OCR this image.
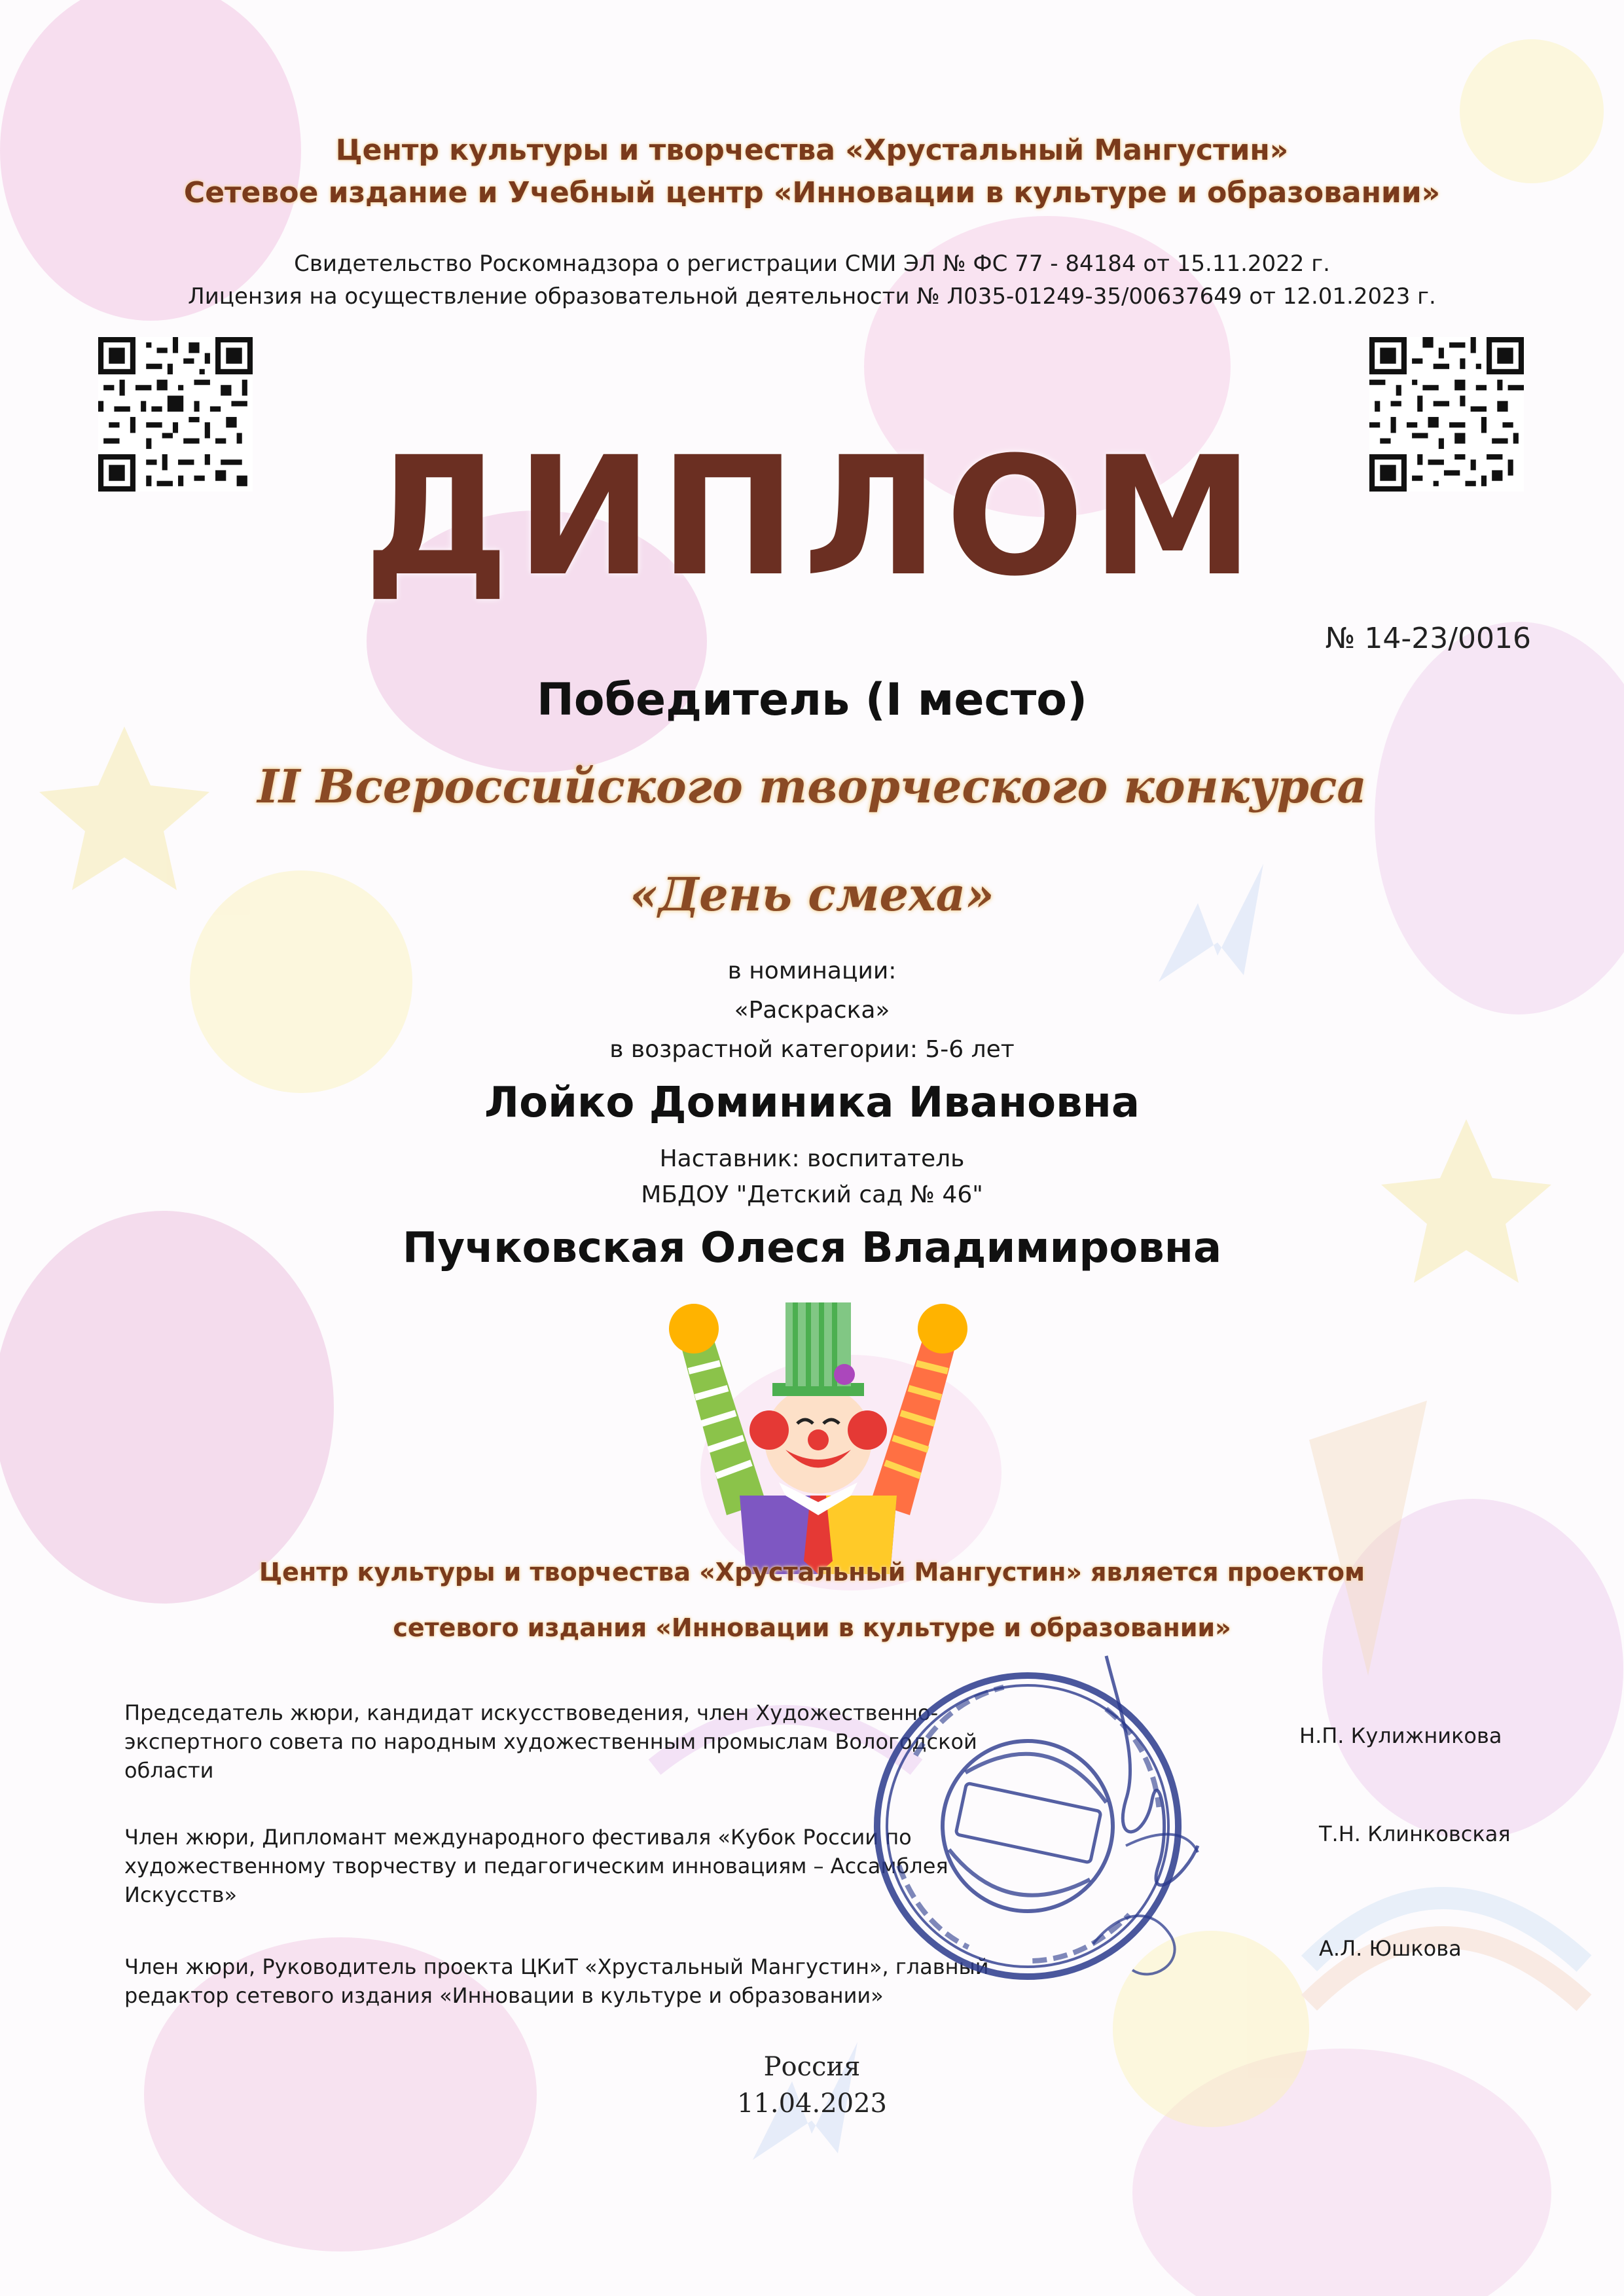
Центр культуры и творчества «Хрустальный Мангустин»
Сетевое издание и Учебный центр «Инновации в культуре и образовании»
Свидетельство Роскомнадзора о регистрации СМИ ЭЛ № ФС 77 - 84184 от 15.11.2022 г.
Лицензия на осуществление образовательной деятельности № Л035-01249-35/00637649 от 12.01.2023 г.
ДИПЛОМ
№ 14-23/0016
Победитель (I место)
II Всероссийского творческого конкурса
«День смеха»
в номинации:
«Раскраска»
в возрастной категории: 5-6 лет
Лойко Доминика Ивановна
Наставник: воспитатель
МБДОУ "Детский сад № 46"
Пучковская Олеся Владимировна
Центр культуры и творчества «Хрустальный Мангустин» является проектом
сетевого издания «Инновации в культуре и образовании»
Председатель жюри, кандидат искусствоведения, член Художественно-экспертного совета по народным художественным промыслам Вологодской области
Н.П. Кулижникова
Член жюри, Дипломант международного фестиваля «Кубок России по художественному творчеству и педагогическим инновациям – Ассамблея Искусств»
Т.Н. Клинковская
Член жюри, Руководитель проекта ЦКиТ «Хрустальный Мангустин», главный редактор сетевого издания «Инновации в культуре и образовании»
А.Л. Юшкова
Россия
11.04.2023
